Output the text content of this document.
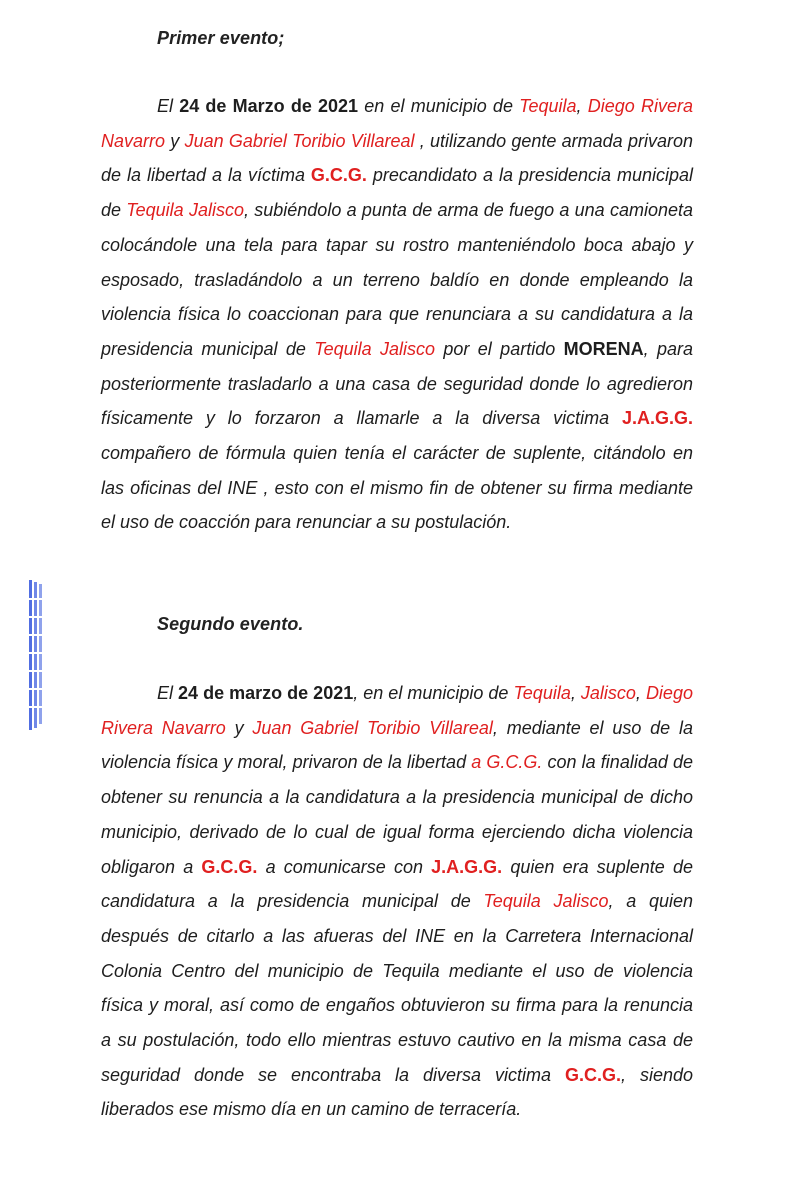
Primer evento;
El 24 de Marzo de 2021 en el municipio de Tequila, Diego Rivera Navarro y Juan Gabriel Toribio Villareal , utilizando gente armada privaron de la libertad a la víctima G.C.G. precandidato a la presidencia municipal de Tequila Jalisco, subiéndolo a punta de arma de fuego a una camioneta colocándole una tela para tapar su rostro manteniéndolo boca abajo y esposado, trasladándolo a un terreno baldío en donde empleando la violencia física lo coaccionan para que renunciara a su candidatura a la presidencia municipal de Tequila Jalisco por el partido MORENA, para posteriormente trasladarlo a una casa de seguridad donde lo agredieron físicamente y lo forzaron a llamarle a la diversa victima J.A.G.G. compañero de fórmula quien tenía el carácter de suplente, citándolo en las oficinas del INE , esto con el mismo fin de obtener su firma mediante el uso de coacción para renunciar a su postulación.
Segundo evento.
El 24 de marzo de 2021, en el municipio de Tequila, Jalisco, Diego Rivera Navarro y Juan Gabriel Toribio Villareal, mediante el uso de la violencia física y moral, privaron de la libertad a G.C.G. con la finalidad de obtener su renuncia a la candidatura a la presidencia municipal de dicho municipio, derivado de lo cual de igual forma ejerciendo dicha violencia obligaron a G.C.G. a comunicarse con J.A.G.G. quien era suplente de candidatura a la presidencia municipal de Tequila Jalisco, a quien después de citarlo a las afueras del INE en la Carretera Internacional Colonia Centro del municipio de Tequila mediante el uso de violencia física y moral, así como de engaños obtuvieron su firma para la renuncia a su postulación, todo ello mientras estuvo cautivo en la misma casa de seguridad donde se encontraba la diversa victima G.C.G., siendo liberados ese mismo día en un camino de terracería.
